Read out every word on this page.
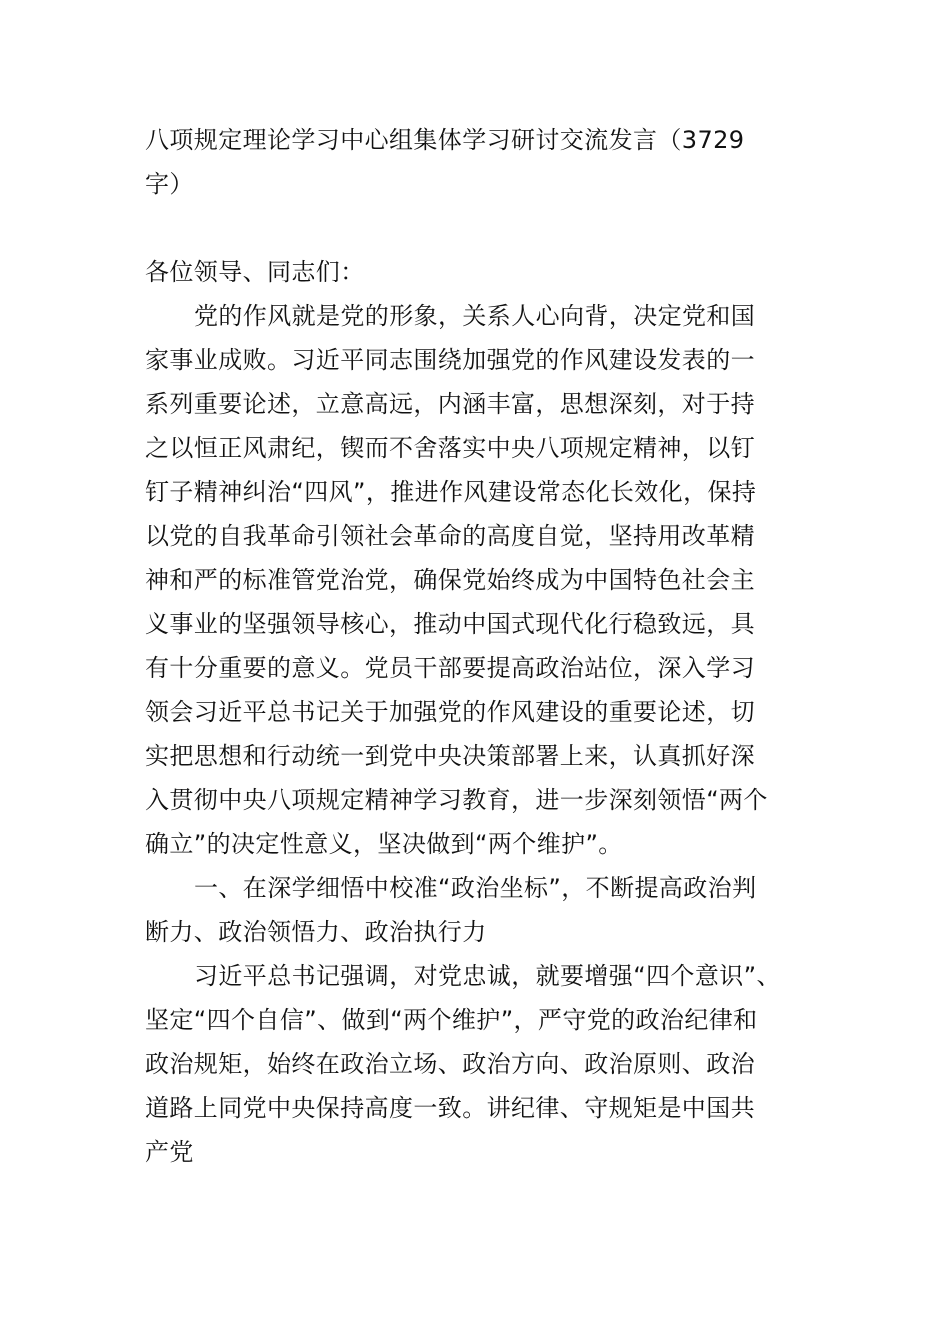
八项规定理论学习中心组集体学习研讨交流发言（3729
字）
各位领导、同志们：
党的作风就是党的形象，关系人心向背，决定党和国
家事业成败。习近平同志围绕加强党的作风建设发表的一
系列重要论述，立意高远，内涵丰富，思想深刻，对于持
之以恒正风肃纪，锲而不舍落实中央八项规定精神，以钉
钉子精神纠治“四风”，推进作风建设常态化长效化，保持
以党的自我革命引领社会革命的高度自觉，坚持用改革精
神和严的标准管党治党，确保党始终成为中国特色社会主
义事业的坚强领导核心，推动中国式现代化行稳致远，具
有十分重要的意义。党员干部要提高政治站位，深入学习
领会习近平总书记关于加强党的作风建设的重要论述，切
实把思想和行动统一到党中央决策部署上来，认真抓好深
入贯彻中央八项规定精神学习教育，进一步深刻领悟“两个
确立”的决定性意义，坚决做到“两个维护”。
一、在深学细悟中校准“政治坐标”，不断提高政治判
断力、政治领悟力、政治执行力
习近平总书记强调，对党忠诚，就要增强“四个意识”、
坚定“四个自信”、做到“两个维护”，严守党的政治纪律和
政治规矩，始终在政治立场、政治方向、政治原则、政治
道路上同党中央保持高度一致。讲纪律、守规矩是中国共
产党
